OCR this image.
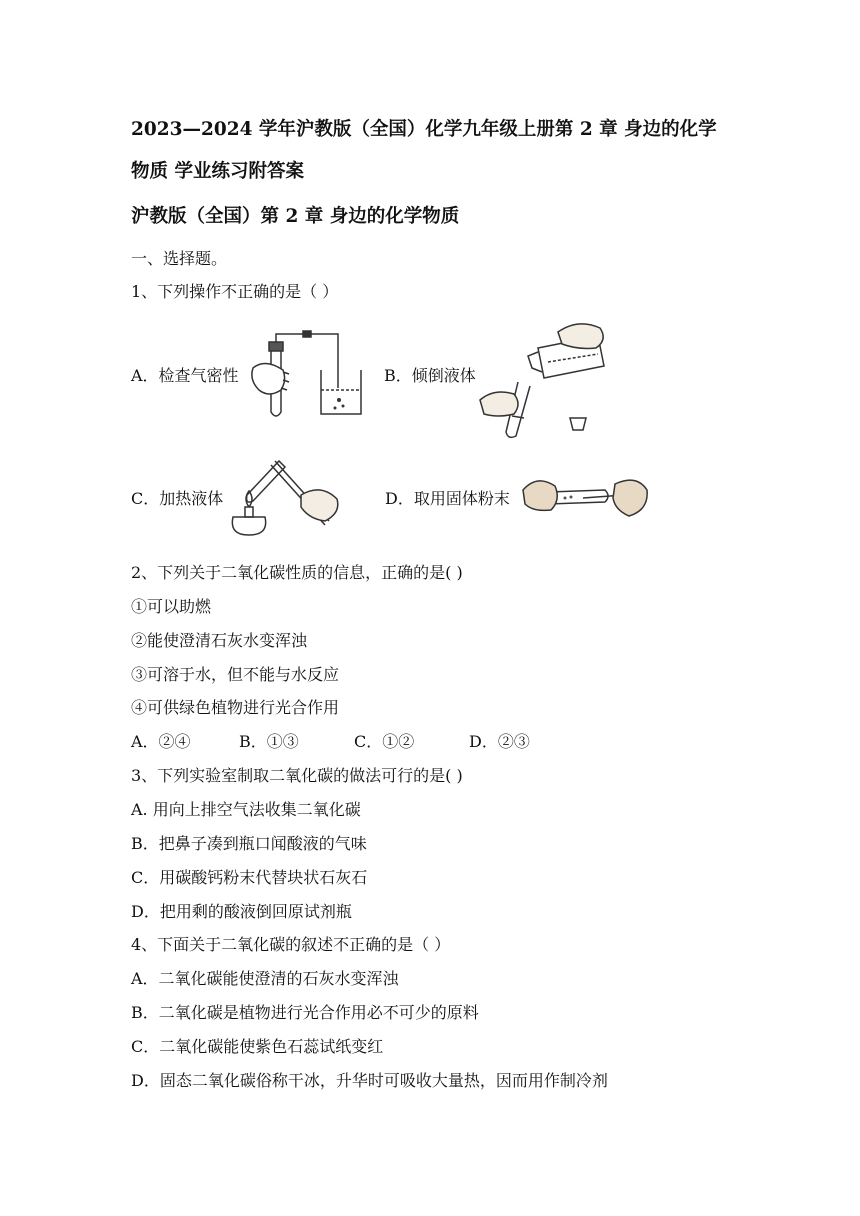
2023—2024 学年沪教版（全国）化学九年级上册第 2 章 身边的化学
物质 学业练习附答案
沪教版（全国）第 2 章 身边的化学物质
一、选择题。
1、下列操作不正确的是（ ）
A．检查气密性	B．倾倒液体
C．加热液体	D．取用固体粉末
2、下列关于二氧化碳性质的信息，正确的是( )
①可以助燃
②能使澄清石灰水变浑浊
③可溶于水，但不能与水反应
④可供绿色植物进行光合作用
A．②④	B．①③	C．①②	D．②③
3、下列实验室制取二氧化碳的做法可行的是( )
A. 用向上排空气法收集二氧化碳
B．把鼻子凑到瓶口闻酸液的气味
C．用碳酸钙粉末代替块状石灰石
D．把用剩的酸液倒回原试剂瓶
4、下面关于二氧化碳的叙述不正确的是（ ）
A．二氧化碳能使澄清的石灰水变浑浊
B．二氧化碳是植物进行光合作用必不可少的原料
C．二氧化碳能使紫色石蕊试纸变红
D．固态二氧化碳俗称干冰，升华时可吸收大量热，因而用作制冷剂
